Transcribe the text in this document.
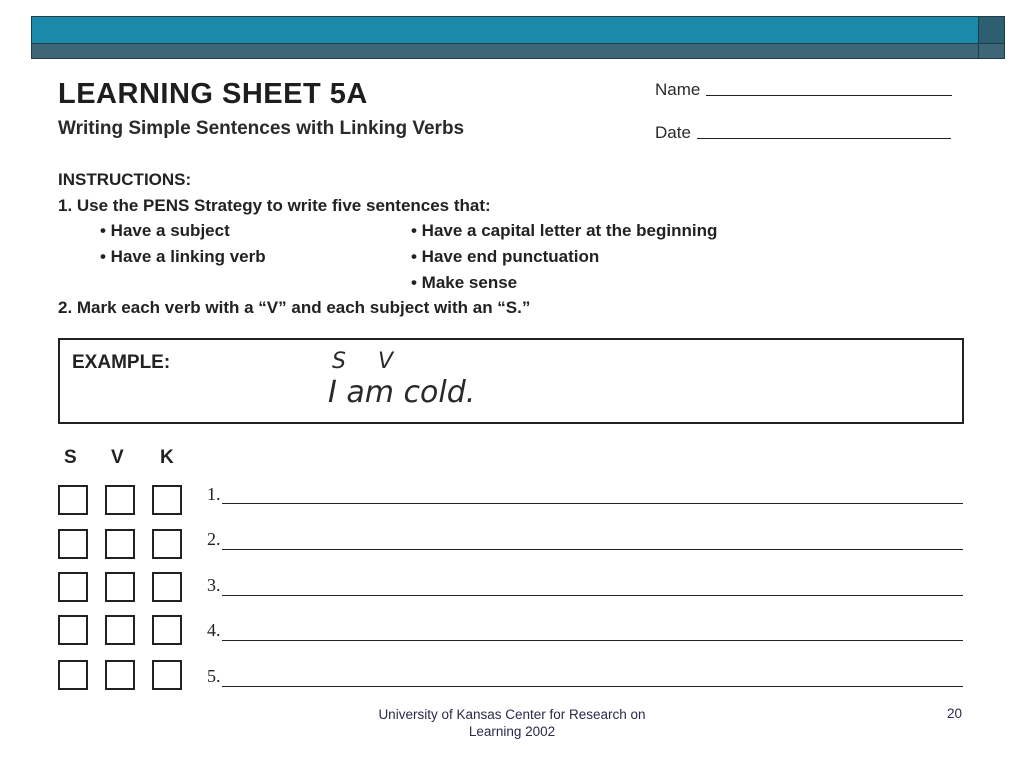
LEARNING SHEET 5A
Writing Simple Sentences with Linking Verbs
Name
Date
INSTRUCTIONS:
1. Use the PENS Strategy to write five sentences that:
• Have a subject
• Have a linking verb
• Have a capital letter at the beginning
• Have end punctuation
• Make sense
2. Mark each verb with a “V” and each subject with an “S.”
EXAMPLE:	S V
I am cold.
S V K
1.
2.
3.
4.
5.
University of Kansas Center for Research on Learning 2002
20
